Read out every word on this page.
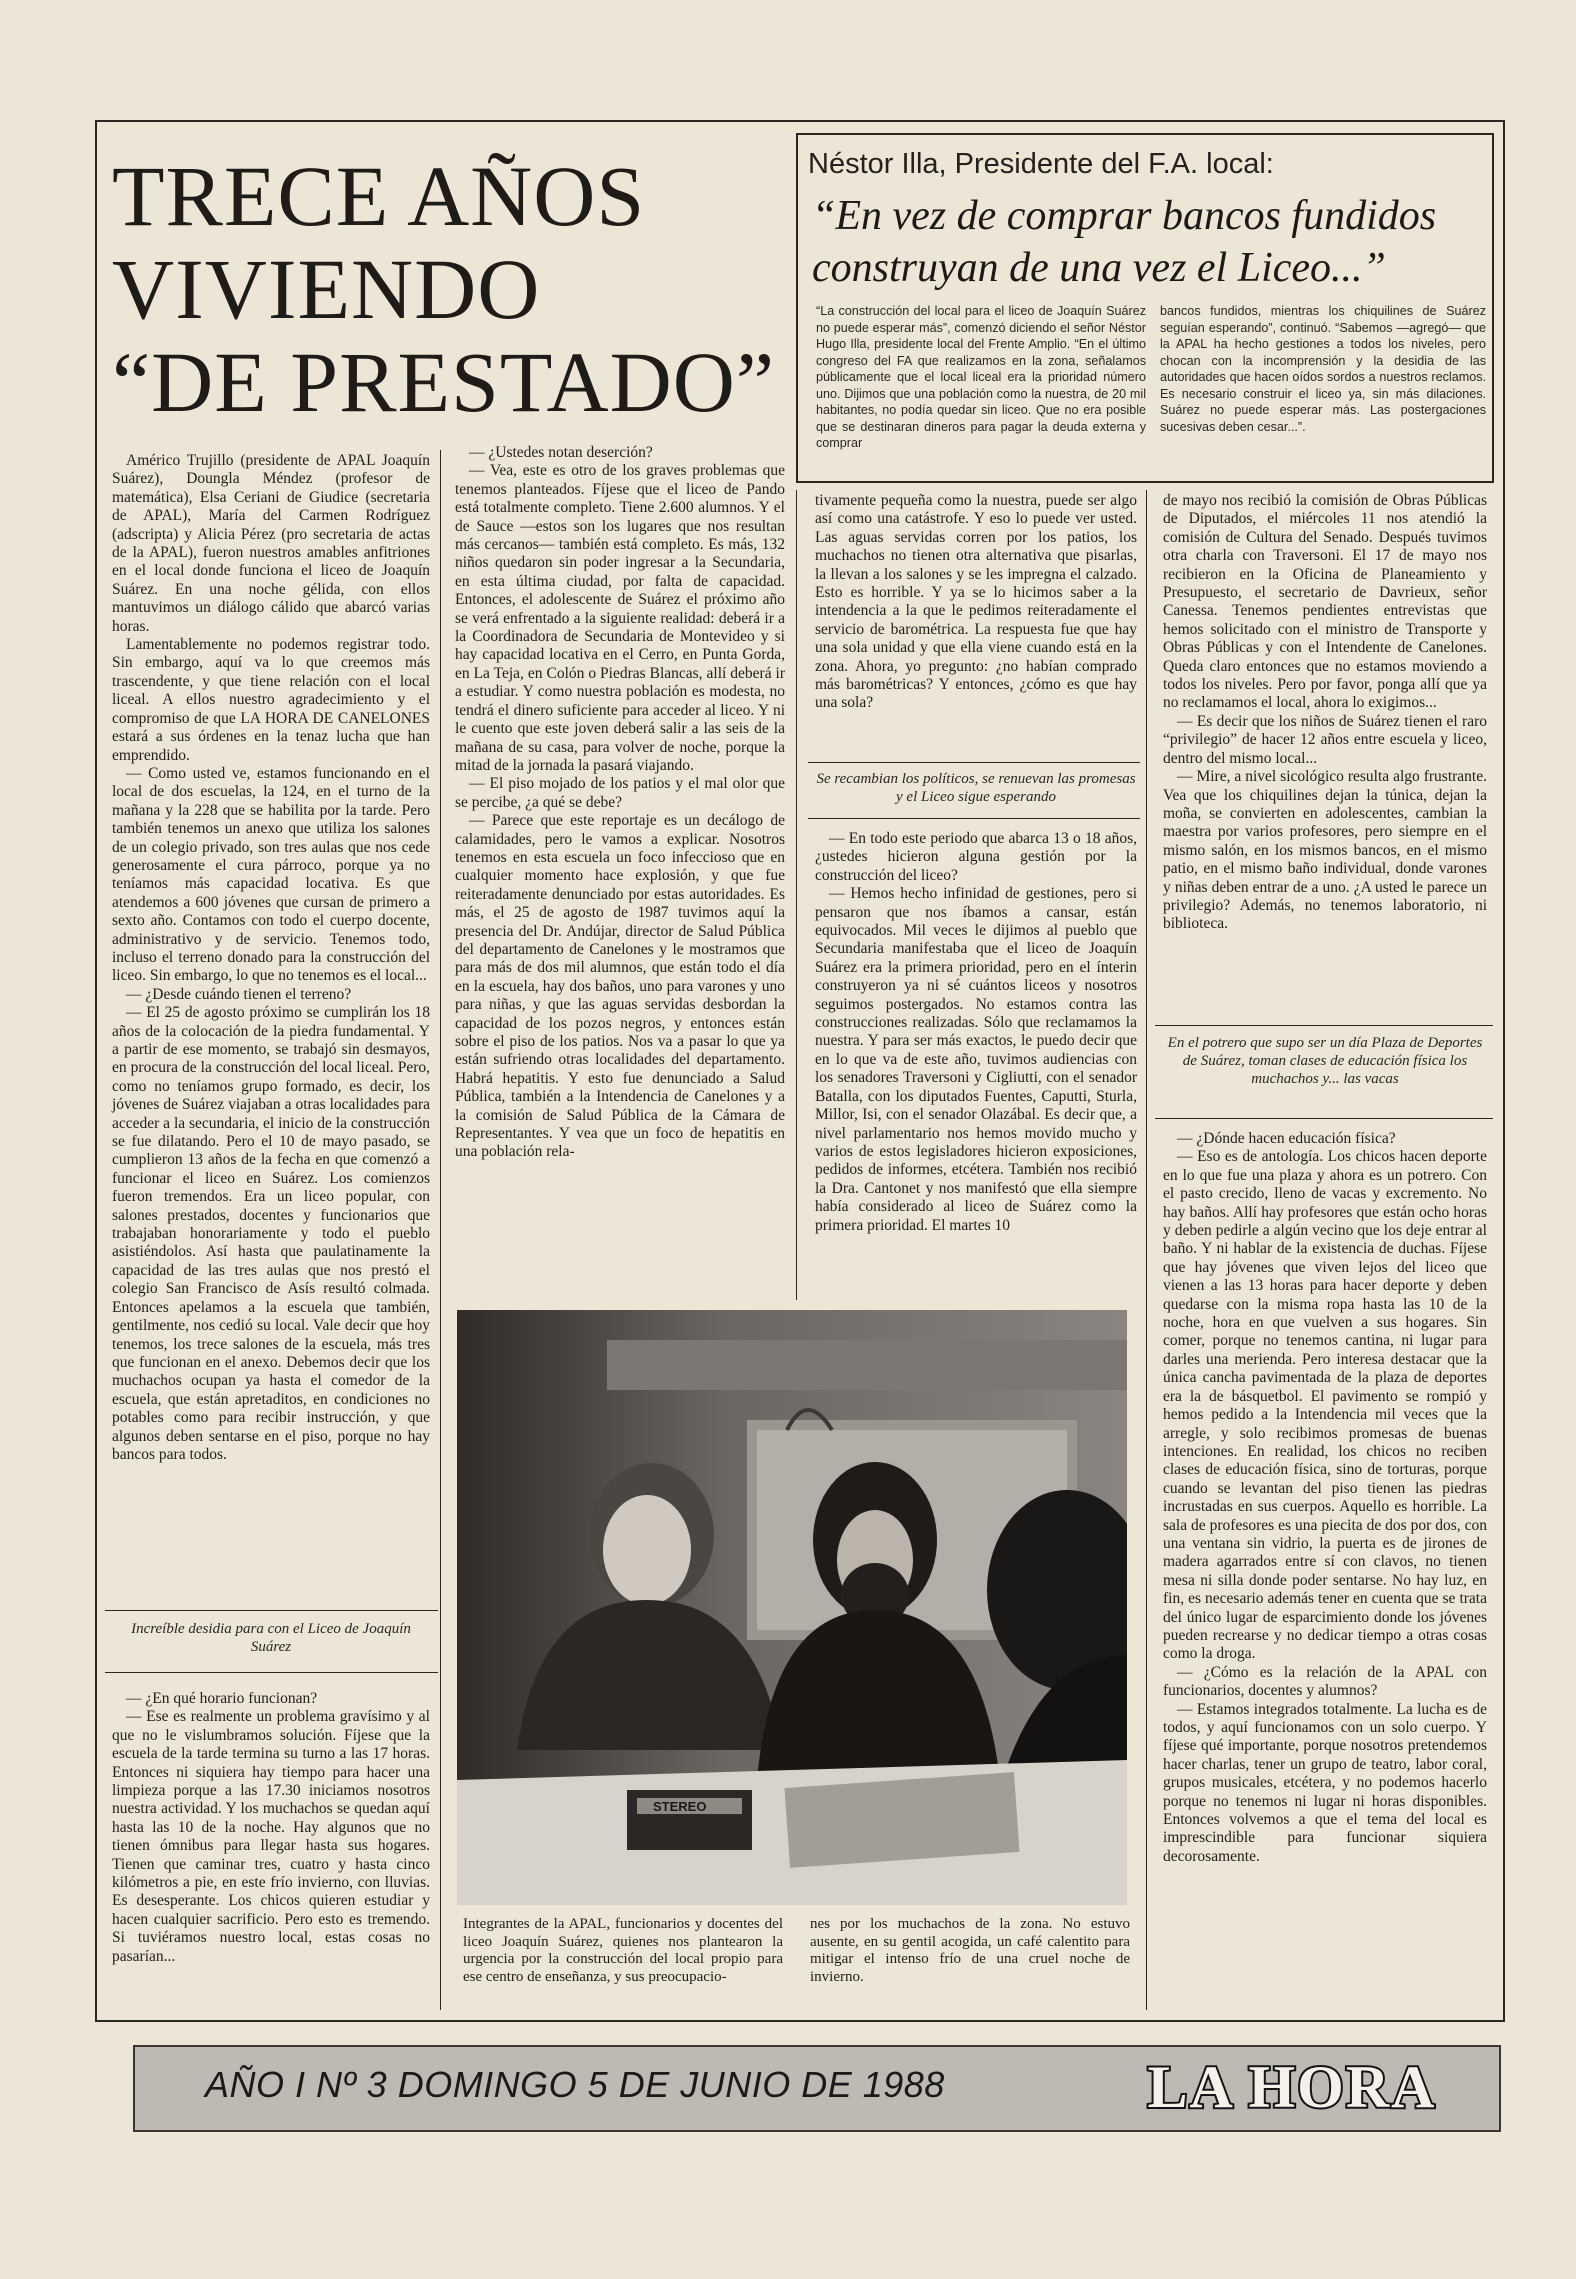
TRECE AÑOS
VIVIENDO
“DE PRESTADO”
Néstor Illa, Presidente del F.A. local:
“En vez de comprar bancos fundidos
construyan de una vez el Liceo...”
“La construcción del local para el liceo de Joaquín Suárez no puede esperar más”, comenzó diciendo el señor Néstor Hugo Illa, presidente local del Frente Amplio. “En el último congreso del FA que realizamos en la zona, señalamos públicamente que el local liceal era la prioridad número uno. Dijimos que una población como la nuestra, de 20 mil habitantes, no podía quedar sin liceo. Que no era posible que se destinaran dineros para pagar la deuda externa y comprar
bancos fundidos, mientras los chiquilines de Suárez seguían esperando”, continuó. “Sabemos —agregó— que la APAL ha hecho gestiones a todos los niveles, pero chocan con la incomprensión y la desidia de las autoridades que hacen oídos sordos a nuestros reclamos. Es necesario construir el liceo ya, sin más dilaciones. Suárez no puede esperar más. Las postergaciones sucesivas deben cesar...”.

Américo Trujillo (presidente de APAL Joaquín Suárez), Doungla Méndez (profesor de matemática), Elsa Ceriani de Giudice (secretaria de APAL), María del Carmen Rodríguez (adscripta) y Alicia Pérez (pro secretaria de actas de la APAL), fueron nuestros amables anfitriones en el local donde funciona el liceo de Joaquín Suárez. En una noche gélida, con ellos mantuvimos un diálogo cálido que abarcó varias horas.

Lamentablemente no podemos registrar todo. Sin embargo, aquí va lo que creemos más trascendente, y que tiene relación con el local liceal. A ellos nuestro agradecimiento y el compromiso de que LA HORA DE CANELONES estará a sus órdenes en la tenaz lucha que han emprendido.

— Como usted ve, estamos funcionando en el local de dos escuelas, la 124, en el turno de la mañana y la 228 que se habilita por la tarde. Pero también tenemos un anexo que utiliza los salones de un colegio privado, son tres aulas que nos cede generosamente el cura párroco, porque ya no teníamos más capacidad locativa. Es que atendemos a 600 jóvenes que cursan de primero a sexto año. Contamos con todo el cuerpo docente, administrativo y de servicio. Tenemos todo, incluso el terreno donado para la construcción del liceo. Sin embargo, lo que no tenemos es el local...

— ¿Desde cuándo tienen el terreno?

— El 25 de agosto próximo se cumplirán los 18 años de la colocación de la piedra fundamental. Y a partir de ese momento, se trabajó sin desmayos, en procura de la construcción del local liceal. Pero, como no teníamos grupo formado, es decir, los jóvenes de Suárez viajaban a otras localidades para acceder a la secundaria, el inicio de la construcción se fue dilatando. Pero el 10 de mayo pasado, se cumplieron 13 años de la fecha en que comenzó a funcionar el liceo en Suárez. Los comienzos fueron tremendos. Era un liceo popular, con salones prestados, docentes y funcionarios que trabajaban honorariamente y todo el pueblo asistiéndolos. Así hasta que paulatinamente la capacidad de las tres aulas que nos prestó el colegio San Francisco de Asís resultó colmada. Entonces apelamos a la escuela que también, gentilmente, nos cedió su local. Vale decir que hoy tenemos, los trece salones de la escuela, más tres que funcionan en el anexo. Debemos decir que los muchachos ocupan ya hasta el comedor de la escuela, que están apretaditos, en condiciones no potables como para recibir instrucción, y que algunos deben sentarse en el piso, porque no hay bancos para todos.

Increíble desidia para con el Liceo de Joaquín Suárez

— ¿En qué horario funcionan?

— Ese es realmente un problema gravísimo y al que no le vislumbramos solución. Fíjese que la escuela de la tarde termina su turno a las 17 horas. Entonces ni siquiera hay tiempo para hacer una limpieza porque a las 17.30 iniciamos nosotros nuestra actividad. Y los muchachos se quedan aquí hasta las 10 de la noche. Hay algunos que no tienen ómnibus para llegar hasta sus hogares. Tienen que caminar tres, cuatro y hasta cinco kilómetros a pie, en este frío invierno, con lluvias. Es desesperante. Los chicos quieren estudiar y hacen cualquier sacrificio. Pero esto es tremendo. Si tuviéramos nuestro local, estas cosas no pasarían...

— ¿Ustedes notan deserción?

— Vea, este es otro de los graves problemas que tenemos planteados. Fíjese que el liceo de Pando está totalmente completo. Tiene 2.600 alumnos. Y el de Sauce —estos son los lugares que nos resultan más cercanos— también está completo. Es más, 132 niños quedaron sin poder ingresar a la Secundaria, en esta última ciudad, por falta de capacidad. Entonces, el adolescente de Suárez el próximo año se verá enfrentado a la siguiente realidad: deberá ir a la Coordinadora de Secundaria de Montevideo y si hay capacidad locativa en el Cerro, en Punta Gorda, en La Teja, en Colón o Piedras Blancas, allí deberá ir a estudiar. Y como nuestra población es modesta, no tendrá el dinero suficiente para acceder al liceo. Y ni le cuento que este joven deberá salir a las seis de la mañana de su casa, para volver de noche, porque la mitad de la jornada la pasará viajando.

— El piso mojado de los patios y el mal olor que se percibe, ¿a qué se debe?

— Parece que este reportaje es un decálogo de calamidades, pero le vamos a explicar. Nosotros tenemos en esta escuela un foco infeccioso que en cualquier momento hace explosión, y que fue reiteradamente denunciado por estas autoridades. Es más, el 25 de agosto de 1987 tuvimos aquí la presencia del Dr. Andújar, director de Salud Pública del departamento de Canelones y le mostramos que para más de dos mil alumnos, que están todo el día en la escuela, hay dos baños, uno para varones y uno para niñas, y que las aguas servidas desbordan la capacidad de los pozos negros, y entonces están sobre el piso de los patios. Nos va a pasar lo que ya están sufriendo otras localidades del departamento. Habrá hepatitis. Y esto fue denunciado a Salud Pública, también a la Intendencia de Canelones y a la comisión de Salud Pública de la Cámara de Representantes. Y vea que un foco de hepatitis en una población rela-

tivamente pequeña como la nuestra, puede ser algo así como una catástrofe. Y eso lo puede ver usted. Las aguas servidas corren por los patios, los muchachos no tienen otra alternativa que pisarlas, la llevan a los salones y se les impregna el calzado. Esto es horrible. Y ya se lo hicimos saber a la intendencia a la que le pedimos reiteradamente el servicio de barométrica. La respuesta fue que hay una sola unidad y que ella viene cuando está en la zona. Ahora, yo pregunto: ¿no habían comprado más barométricas? Y entonces, ¿cómo es que hay una sola?

Se recambian los políticos, se renuevan las promesas y el Liceo sigue esperando

— En todo este periodo que abarca 13 o 18 años, ¿ustedes hicieron alguna gestión por la construcción del liceo?

— Hemos hecho infinidad de gestiones, pero si pensaron que nos íbamos a cansar, están equivocados. Mil veces le dijimos al pueblo que Secundaria manifestaba que el liceo de Joaquín Suárez era la primera prioridad, pero en el ínterin construyeron ya ni sé cuántos liceos y nosotros seguimos postergados. No estamos contra las construcciones realizadas. Sólo que reclamamos la nuestra. Y para ser más exactos, le puedo decir que en lo que va de este año, tuvimos audiencias con los senadores Traversoni y Cigliutti, con el senador Batalla, con los diputados Fuentes, Caputti, Sturla, Millor, Isi, con el senador Olazábal. Es decir que, a nivel parlamentario nos hemos movido mucho y varios de estos legisladores hicieron exposiciones, pedidos de informes, etcétera. También nos recibió la Dra. Cantonet y nos manifestó que ella siempre había considerado al liceo de Suárez como la primera prioridad. El martes 10

de mayo nos recibió la comisión de Obras Públicas de Diputados, el miércoles 11 nos atendió la comisión de Cultura del Senado. Después tuvimos otra charla con Traversoni. El 17 de mayo nos recibieron en la Oficina de Planeamiento y Presupuesto, el secretario de Davrieux, señor Canessa. Tenemos pendientes entrevistas que hemos solicitado con el ministro de Transporte y Obras Públicas y con el Intendente de Canelones. Queda claro entonces que no estamos moviendo a todos los niveles. Pero por favor, ponga allí que ya no reclamamos el local, ahora lo exigimos...

— Es decir que los niños de Suárez tienen el raro “privilegio” de hacer 12 años entre escuela y liceo, dentro del mismo local...

— Mire, a nivel sicológico resulta algo frustrante. Vea que los chiquilines dejan la túnica, dejan la moña, se convierten en adolescentes, cambian la maestra por varios profesores, pero siempre en el mismo salón, en los mismos bancos, en el mismo patio, en el mismo baño individual, donde varones y niñas deben entrar de a uno. ¿A usted le parece un privilegio? Además, no tenemos laboratorio, ni biblioteca.

En el potrero que supo ser un día Plaza de Deportes de Suárez, toman clases de educación física los muchachos y... las vacas

— ¿Dónde hacen educación física?

— Eso es de antología. Los chicos hacen deporte en lo que fue una plaza y ahora es un potrero. Con el pasto crecido, lleno de vacas y excremento. No hay baños. Allí hay profesores que están ocho horas y deben pedirle a algún vecino que los deje entrar al baño. Y ni hablar de la existencia de duchas. Fíjese que hay jóvenes que viven lejos del liceo que vienen a las 13 horas para hacer deporte y deben quedarse con la misma ropa hasta las 10 de la noche, hora en que vuelven a sus hogares. Sin comer, porque no tenemos cantina, ni lugar para darles una merienda. Pero interesa destacar que la única cancha pavimentada de la plaza de deportes era la de básquetbol. El pavimento se rompió y hemos pedido a la Intendencia mil veces que la arregle, y solo recibimos promesas de buenas intenciones. En realidad, los chicos no reciben clases de educación física, sino de torturas, porque cuando se levantan del piso tienen las piedras incrustadas en sus cuerpos. Aquello es horrible. La sala de profesores es una piecita de dos por dos, con una ventana sin vidrio, la puerta es de jirones de madera agarrados entre sí con clavos, no tienen mesa ni silla donde poder sentarse. No hay luz, en fin, es necesario además tener en cuenta que se trata del único lugar de esparcimiento donde los jóvenes pueden recrearse y no dedicar tiempo a otras cosas como la droga.

— ¿Cómo es la relación de la APAL con funcionarios, docentes y alumnos?

— Estamos integrados totalmente. La lucha es de todos, y aquí funcionamos con un solo cuerpo. Y fíjese qué importante, porque nosotros pretendemos hacer charlas, tener un grupo de teatro, labor coral, grupos musicales, etcétera, y no podemos hacerlo porque no tenemos ni lugar ni horas disponibles. Entonces volvemos a que el tema del local es imprescindible para funcionar siquiera decorosamente.

STEREO
Integrantes de la APAL, funcionarios y docentes del liceo Joaquín Suárez, quienes nos plantearon la urgencia por la construcción del local propio para ese centro de enseñanza, y sus preocupacio-
nes por los muchachos de la zona. No estuvo ausente, en su gentil acogida, un café calentito para mitigar el intenso frío de una cruel noche de invierno.
AÑO I Nº 3 DOMINGO 5 DE JUNIO DE 1988	LA HORA
